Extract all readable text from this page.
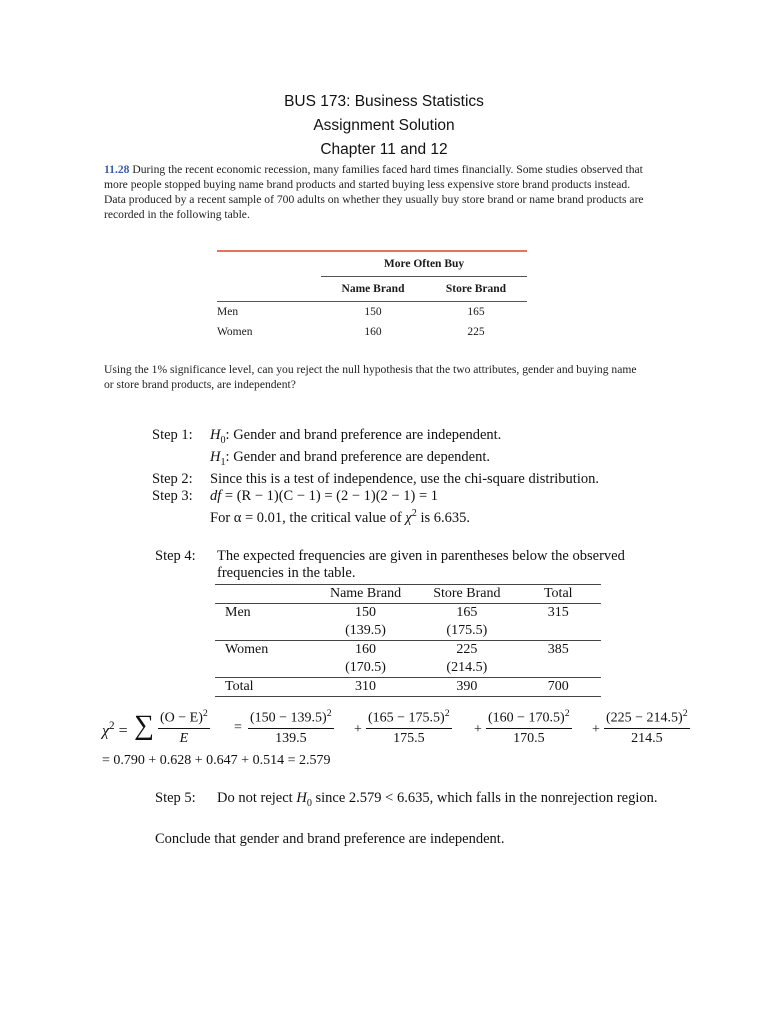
BUS 173: Business Statistics
Assignment Solution
Chapter 11 and 12
11.28 During the recent economic recession, many families faced hard times financially. Some studies observed that more people stopped buying name brand products and started buying less expensive store brand products instead. Data produced by a recent sample of 700 adults on whether they usually buy store brand or name brand products are recorded in the following table.
	More Often Buy	
	Name Brand	Store Brand
Men	150	165
Women	160	225
Using the 1% significance level, can you reject the null hypothesis that the two attributes, gender and buying name or store brand products, are independent?
Step 1:	$H_0$: Gender and brand preference are independent.
$H_1$: Gender and brand preference are dependent.
Step 2:	Since this is a test of independence, use the chi-square distribution.
Step 3:	df = (R − 1)(C − 1) = (2 − 1)(2 − 1) = 1
For α = 0.01, the critical value of $\chi^2$ is 6.635.
Step 4: The expected frequencies are given in parentheses below the observed frequencies in the table.
	Name Brand	Store Brand	Total
Men	150	165	315
	(139.5)	(175.5)	
Women	160	225	385
	(170.5)	(214.5)	
Total	310	390	700
$\chi^2$ = ∑ $\frac{(O - E)^2}{E} = \frac{(150 - 139.5)^2}{139.5} + \frac{(165 - 175.5)^2}{175.5} + \frac{(160 - 170.5)^2}{170.5} + \frac{(225 - 214.5)^2}{214.5}$
= 0.790 + 0.628 + 0.647 + 0.514 = 2.579
Step 5: Do not reject $H_0$ since 2.579 < 6.635, which falls in the nonrejection region.
Conclude that gender and brand preference are independent.
